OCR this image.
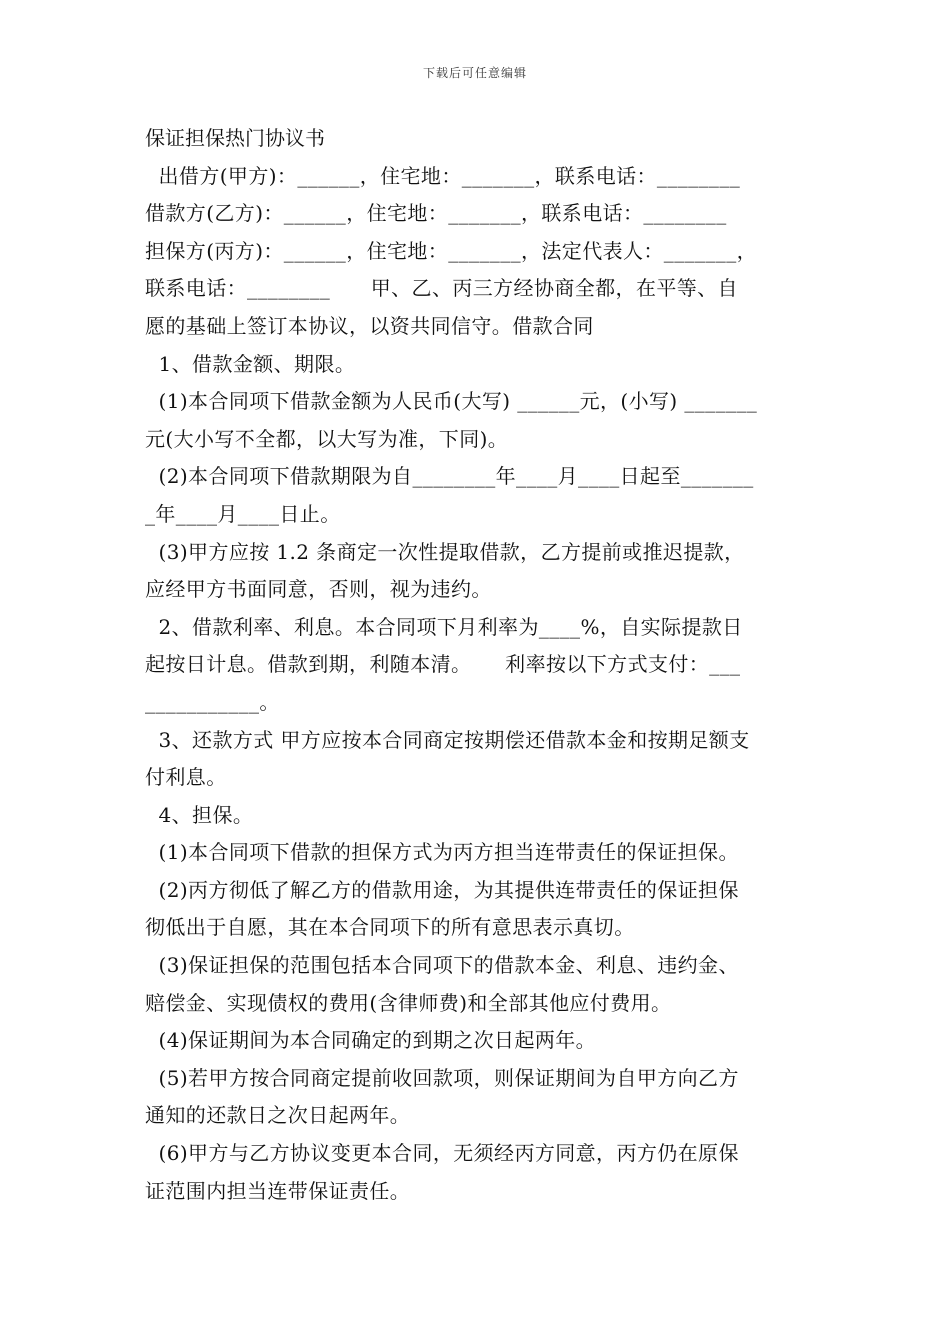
下载后可任意编辑
保证担保热门协议书
出借方(甲方)：______，住宅地：_______，联系电话：________
借款方(乙方)：______，住宅地：_______，联系电话：________
担保方(丙方)：______，住宅地：_______，法定代表人：_______，
联系电话：________      甲、乙、丙三方经协商全都，在平等、自
愿的基础上签订本协议，以资共同信守。借款合同
1、借款金额、期限。
(1)本合同项下借款金额为人民币(大写) ______元，(小写) _______
元(大小写不全都，以大写为准，下同)。
(2)本合同项下借款期限为自________年____月____日起至_______
_年____月____日止。
(3)甲方应按 1.2 条商定一次性提取借款，乙方提前或推迟提款，
应经甲方书面同意，否则，视为违约。
2、借款利率、利息。本合同项下月利率为____%，自实际提款日
起按日计息。借款到期，利随本清。     利率按以下方式支付：___
___________。
3、还款方式 甲方应按本合同商定按期偿还借款本金和按期足额支
付利息。
4、担保。
(1)本合同项下借款的担保方式为丙方担当连带责任的保证担保。
(2)丙方彻低了解乙方的借款用途，为其提供连带责任的保证担保
彻低出于自愿，其在本合同项下的所有意思表示真切。
(3)保证担保的范围包括本合同项下的借款本金、利息、违约金、
赔偿金、实现债权的费用(含律师费)和全部其他应付费用。
(4)保证期间为本合同确定的到期之次日起两年。
(5)若甲方按合同商定提前收回款项，则保证期间为自甲方向乙方
通知的还款日之次日起两年。
(6)甲方与乙方协议变更本合同，无须经丙方同意，丙方仍在原保
证范围内担当连带保证责任。
